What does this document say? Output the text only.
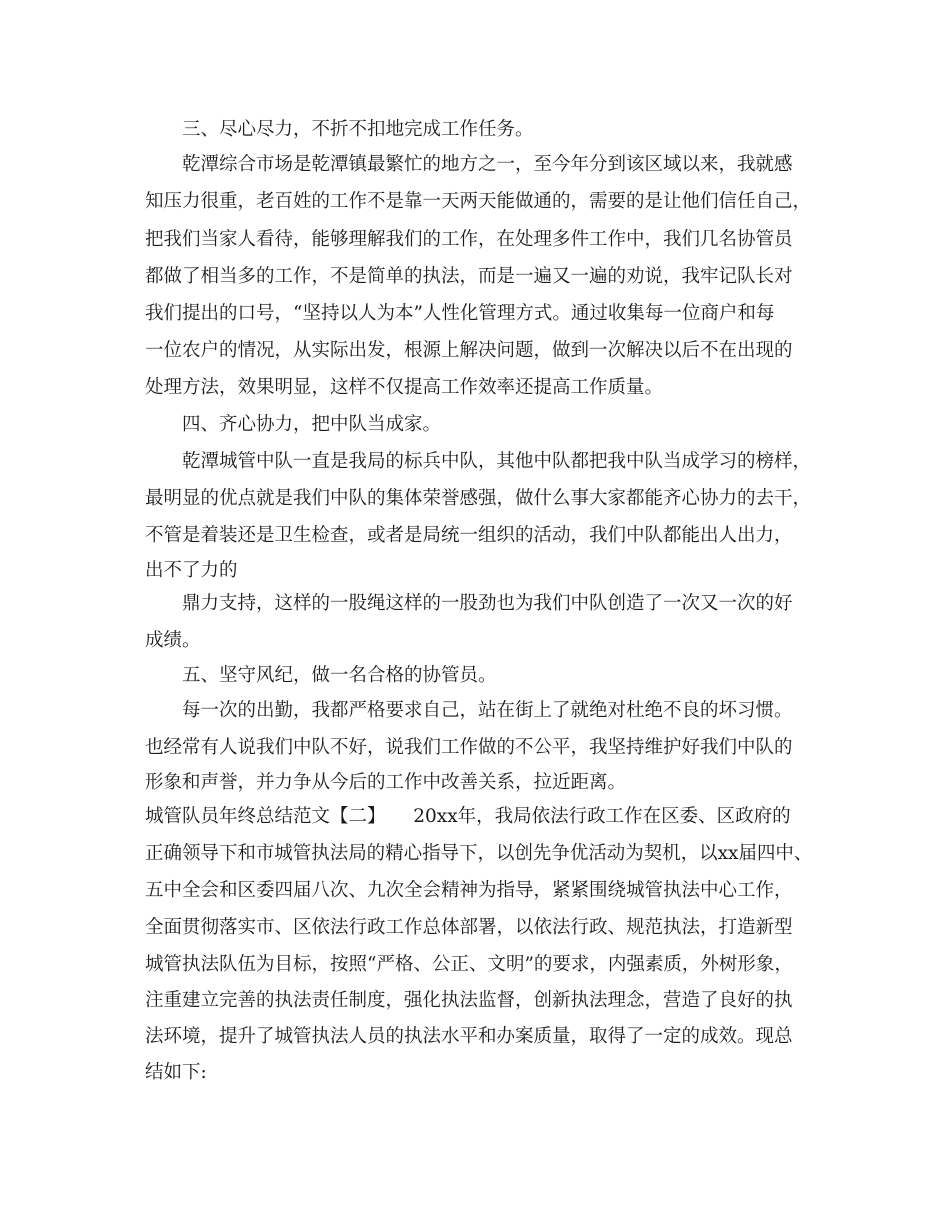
三、尽心尽力，不折不扣地完成工作任务。
乾潭综合市场是乾潭镇最繁忙的地方之一，至今年分到该区域以来，我就感
知压力很重，老百姓的工作不是靠一天两天能做通的，需要的是让他们信任自己，
把我们当家人看待，能够理解我们的工作，在处理多件工作中，我们几名协管员
都做了相当多的工作，不是简单的执法，而是一遍又一遍的劝说，我牢记队长对
我们提出的口号，“坚持以人为本”人性化管理方式。通过收集每一位商户和每
一位农户的情况，从实际出发，根源上解决问题，做到一次解决以后不在出现的
处理方法，效果明显，这样不仅提高工作效率还提高工作质量。
四、齐心协力，把中队当成家。
乾潭城管中队一直是我局的标兵中队，其他中队都把我中队当成学习的榜样，
最明显的优点就是我们中队的集体荣誉感强，做什么事大家都能齐心协力的去干，
不管是着装还是卫生检查，或者是局统一组织的活动，我们中队都能出人出力，
出不了力的
鼎力支持，这样的一股绳这样的一股劲也为我们中队创造了一次又一次的好
成绩。
五、坚守风纪，做一名合格的协管员。
每一次的出勤，我都严格要求自己，站在街上了就绝对杜绝不良的坏习惯。
也经常有人说我们中队不好，说我们工作做的不公平，我坚持维护好我们中队的
形象和声誉，并力争从今后的工作中改善关系，拉近距离。
城管队员年终总结范文【二】　　20xx年，我局依法行政工作在区委、区政府的
正确领导下和市城管执法局的精心指导下，以创先争优活动为契机，以xx届四中、
五中全会和区委四届八次、九次全会精神为指导，紧紧围绕城管执法中心工作，
全面贯彻落实市、区依法行政工作总体部署，以依法行政、规范执法，打造新型
城管执法队伍为目标，按照“严格、公正、文明”的要求，内强素质，外树形象，
注重建立完善的执法责任制度，强化执法监督，创新执法理念，营造了良好的执
法环境，提升了城管执法人员的执法水平和办案质量，取得了一定的成效。现总
结如下:
